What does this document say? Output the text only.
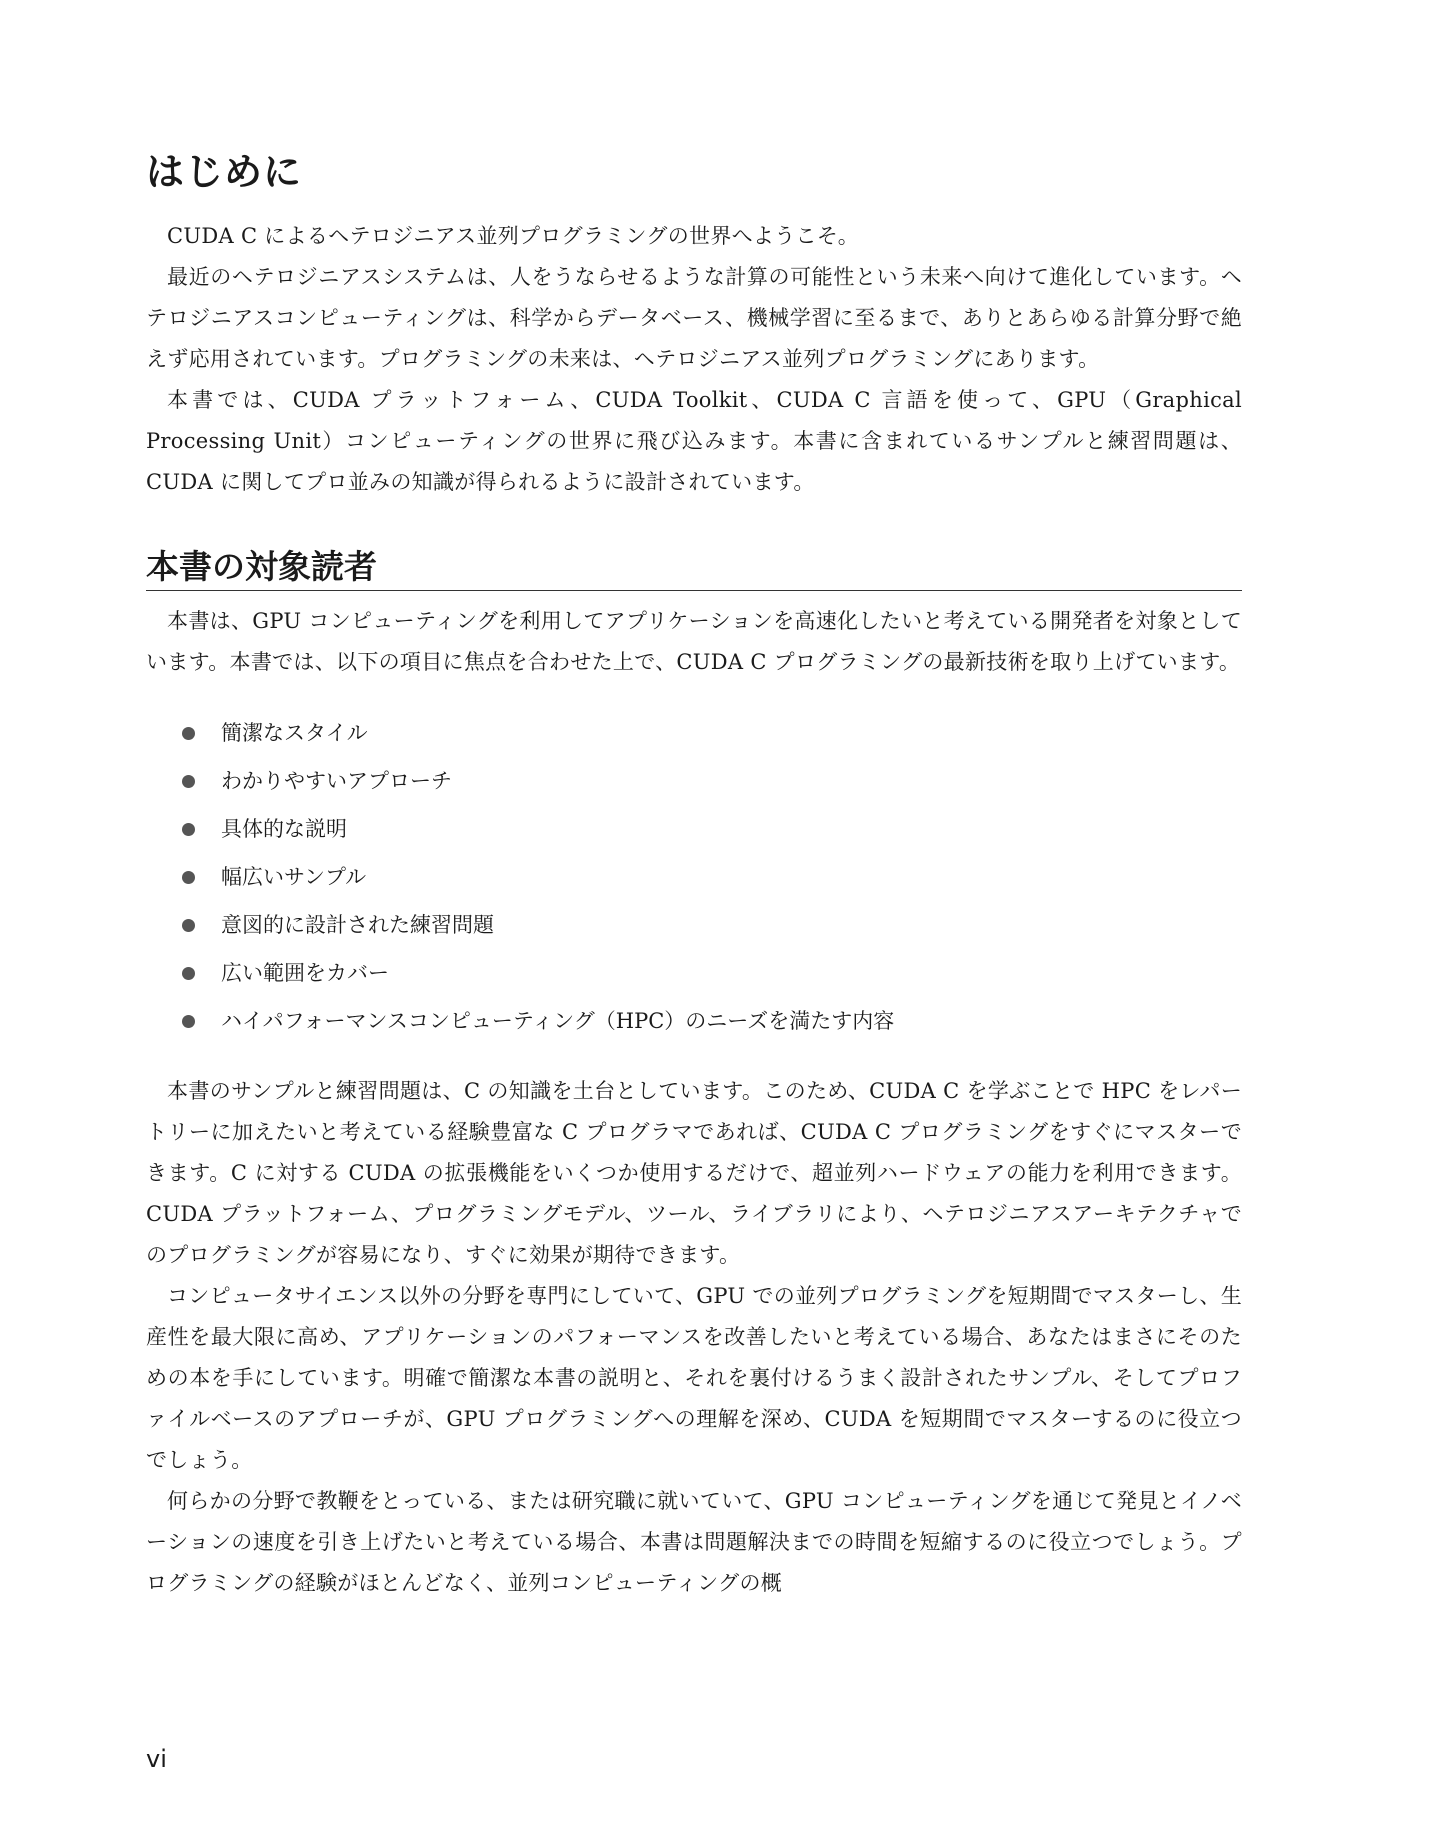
はじめに

CUDA C によるヘテロジニアス並列プログラミングの世界へようこそ。

最近のヘテロジニアスシステムは、人をうならせるような計算の可能性という未来へ向けて進化しています。ヘテロジニアスコンピューティングは、科学からデータベース、機械学習に至るまで、ありとあらゆる計算分野で絶えず応用されています。プログラミングの未来は、ヘテロジニアス並列プログラミングにあります。

本書では、CUDA プラットフォーム、CUDA Toolkit、CUDA C 言語を使って、GPU（Graphical Processing Unit）コンピューティングの世界に飛び込みます。本書に含まれているサンプルと練習問題は、CUDA に関してプロ並みの知識が得られるように設計されています。

本書の対象読者

本書は、GPU コンピューティングを利用してアプリケーションを高速化したいと考えている開発者を対象としています。本書では、以下の項目に焦点を合わせた上で、CUDA C プログラミングの最新技術を取り上げています。

簡潔なスタイル
わかりやすいアプローチ
具体的な説明
幅広いサンプル
意図的に設計された練習問題
広い範囲をカバー
ハイパフォーマンスコンピューティング（HPC）のニーズを満たす内容

本書のサンプルと練習問題は、C の知識を土台としています。このため、CUDA C を学ぶことで HPC をレパートリーに加えたいと考えている経験豊富な C プログラマであれば、CUDA C プログラミングをすぐにマスターできます。C に対する CUDA の拡張機能をいくつか使用するだけで、超並列ハードウェアの能力を利用できます。CUDA プラットフォーム、プログラミングモデル、ツール、ライブラリにより、ヘテロジニアスアーキテクチャでのプログラミングが容易になり、すぐに効果が期待できます。

コンピュータサイエンス以外の分野を専門にしていて、GPU での並列プログラミングを短期間でマスターし、生産性を最大限に高め、アプリケーションのパフォーマンスを改善したいと考えている場合、あなたはまさにそのための本を手にしています。明確で簡潔な本書の説明と、それを裏付けるうまく設計されたサンプル、そしてプロファイルベースのアプローチが、GPU プログラミングへの理解を深め、CUDA を短期間でマスターするのに役立つでしょう。

何らかの分野で教鞭をとっている、または研究職に就いていて、GPU コンピューティングを通じて発見とイノベーションの速度を引き上げたいと考えている場合、本書は問題解決までの時間を短縮するのに役立つでしょう。プログラミングの経験がほとんどなく、並列コンピューティングの概

vi
